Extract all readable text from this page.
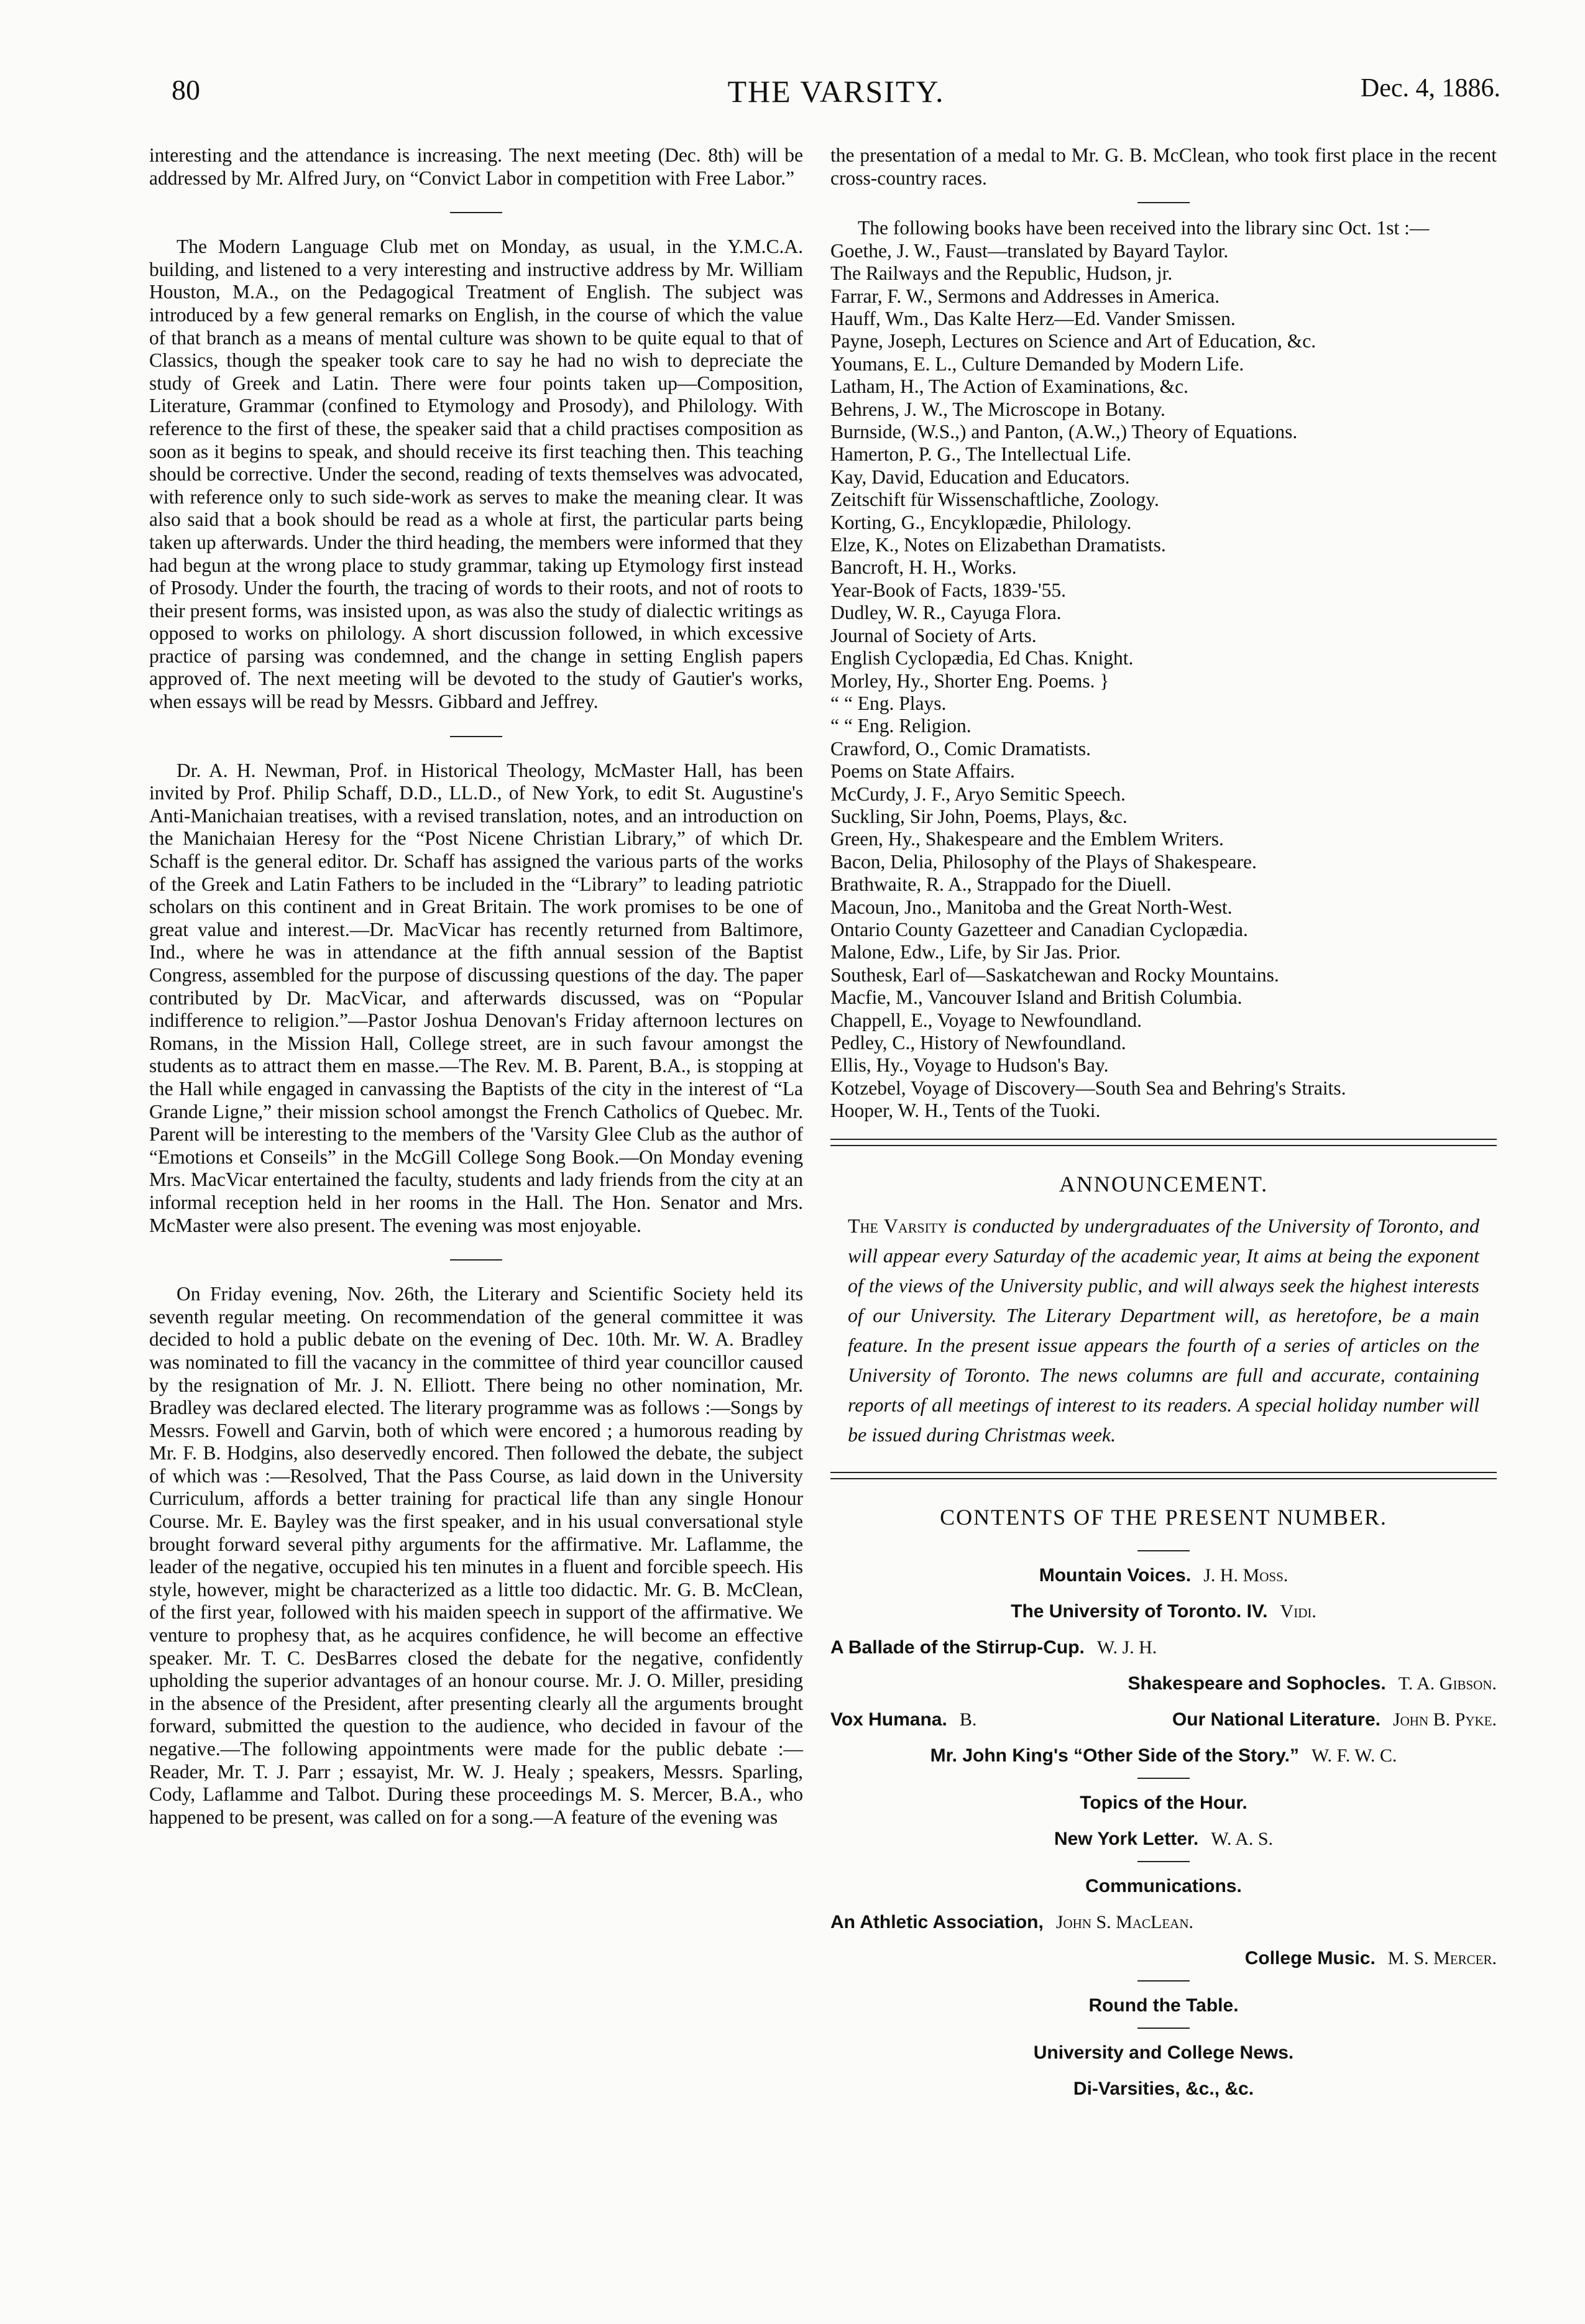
80	THE VARSITY.	Dec. 4, 1886.

interesting and the attendance is increasing. The next meeting (Dec. 8th) will be addressed by Mr. Alfred Jury, on “Convict Labor in competition with Free Labor.”

The Modern Language Club met on Monday, as usual, in the Y.M.C.A. building, and listened to a very interesting and instructive address by Mr. William Houston, M.A., on the Pedagogical Treatment of English. The subject was introduced by a few general remarks on English, in the course of which the value of that branch as a means of mental culture was shown to be quite equal to that of Classics, though the speaker took care to say he had no wish to depreciate the study of Greek and Latin. There were four points taken up—Composition, Literature, Grammar (confined to Etymology and Prosody), and Philology. With reference to the first of these, the speaker said that a child practises composition as soon as it begins to speak, and should receive its first teaching then. This teaching should be corrective. Under the second, reading of texts themselves was advocated, with reference only to such side-work as serves to make the meaning clear. It was also said that a book should be read as a whole at first, the particular parts being taken up afterwards. Under the third heading, the members were informed that they had begun at the wrong place to study grammar, taking up Etymology first instead of Prosody. Under the fourth, the tracing of words to their roots, and not of roots to their present forms, was insisted upon, as was also the study of dialectic writings as opposed to works on philology. A short discussion followed, in which excessive practice of parsing was condemned, and the change in setting English papers approved of. The next meeting will be devoted to the study of Gautier's works, when essays will be read by Messrs. Gibbard and Jeffrey.

Dr. A. H. Newman, Prof. in Historical Theology, McMaster Hall, has been invited by Prof. Philip Schaff, D.D., LL.D., of New York, to edit St. Augustine's Anti-Manichaian treatises, with a revised translation, notes, and an introduction on the Manichaian Heresy for the “Post Nicene Christian Library,” of which Dr. Schaff is the general editor. Dr. Schaff has assigned the various parts of the works of the Greek and Latin Fathers to be included in the “Library” to leading patriotic scholars on this continent and in Great Britain. The work promises to be one of great value and interest.—Dr. MacVicar has recently returned from Baltimore, Ind., where he was in attendance at the fifth annual session of the Baptist Congress, assembled for the purpose of discussing questions of the day. The paper contributed by Dr. MacVicar, and afterwards discussed, was on “Popular indifference to religion.”—Pastor Joshua Denovan's Friday afternoon lectures on Romans, in the Mission Hall, College street, are in such favour amongst the students as to attract them en masse.—The Rev. M. B. Parent, B.A., is stopping at the Hall while engaged in canvassing the Baptists of the city in the interest of “La Grande Ligne,” their mission school amongst the French Catholics of Quebec. Mr. Parent will be interesting to the members of the 'Varsity Glee Club as the author of “Emotions et Conseils” in the McGill College Song Book.—On Monday evening Mrs. MacVicar entertained the faculty, students and lady friends from the city at an informal reception held in her rooms in the Hall. The Hon. Senator and Mrs. McMaster were also present. The evening was most enjoyable.

On Friday evening, Nov. 26th, the Literary and Scientific Society held its seventh regular meeting. On recommendation of the general committee it was decided to hold a public debate on the evening of Dec. 10th. Mr. W. A. Bradley was nominated to fill the vacancy in the committee of third year councillor caused by the resignation of Mr. J. N. Elliott. There being no other nomination, Mr. Bradley was declared elected. The literary programme was as follows :—Songs by Messrs. Fowell and Garvin, both of which were encored ; a humorous reading by Mr. F. B. Hodgins, also deservedly encored. Then followed the debate, the subject of which was :—Resolved, That the Pass Course, as laid down in the University Curriculum, affords a better training for practical life than any single Honour Course. Mr. E. Bayley was the first speaker, and in his usual conversational style brought forward several pithy arguments for the affirmative. Mr. Laflamme, the leader of the negative, occupied his ten minutes in a fluent and forcible speech. His style, however, might be characterized as a little too didactic. Mr. G. B. McClean, of the first year, followed with his maiden speech in support of the affirmative. We venture to prophesy that, as he acquires confidence, he will become an effective speaker. Mr. T. C. DesBarres closed the debate for the negative, confidently upholding the superior advantages of an honour course. Mr. J. O. Miller, presiding in the absence of the President, after presenting clearly all the arguments brought forward, submitted the question to the audience, who decided in favour of the negative.—The following appointments were made for the public debate :—Reader, Mr. T. J. Parr ; essayist, Mr. W. J. Healy ; speakers, Messrs. Sparling, Cody, Laflamme and Talbot. During these proceedings M. S. Mercer, B.A., who happened to be present, was called on for a song.—A feature of the evening was

the presentation of a medal to Mr. G. B. McClean, who took first place in the recent cross-country races.

The following books have been received into the library sinc Oct. 1st :—

Goethe, J. W., Faust—translated by Bayard Taylor.
The Railways and the Republic, Hudson, jr.
Farrar, F. W., Sermons and Addresses in America.
Hauff, Wm., Das Kalte Herz—Ed. Vander Smissen.
Payne, Joseph, Lectures on Science and Art of Education, &c.
Youmans, E. L., Culture Demanded by Modern Life.
Latham, H., The Action of Examinations, &c.
Behrens, J. W., The Microscope in Botany.
Burnside, (W.S.,) and Panton, (A.W.,) Theory of Equations.
Hamerton, P. G., The Intellectual Life.
Kay, David, Education and Educators.
Zeitschift für Wissenschaftliche, Zoology.
Korting, G., Encyklopædie, Philology.
Elze, K., Notes on Elizabethan Dramatists.
Bancroft, H. H., Works.
Year-Book of Facts, 1839-'55.
Dudley, W. R., Cayuga Flora.
Journal of Society of Arts.
English Cyclopædia, Ed Chas. Knight.
Morley, Hy., Shorter Eng. Poems. }
“ “ Eng. Plays.
“ “ Eng. Religion.
Crawford, O., Comic Dramatists.
Poems on State Affairs.
McCurdy, J. F., Aryo Semitic Speech.
Suckling, Sir John, Poems, Plays, &c.
Green, Hy., Shakespeare and the Emblem Writers.
Bacon, Delia, Philosophy of the Plays of Shakespeare.
Brathwaite, R. A., Strappado for the Diuell.
Macoun, Jno., Manitoba and the Great North-West.
Ontario County Gazetteer and Canadian Cyclopædia.
Malone, Edw., Life, by Sir Jas. Prior.
Southesk, Earl of—Saskatchewan and Rocky Mountains.
Macfie, M., Vancouver Island and British Columbia.
Chappell, E., Voyage to Newfoundland.
Pedley, C., History of Newfoundland.
Ellis, Hy., Voyage to Hudson's Bay.
Kotzebel, Voyage of Discovery—South Sea and Behring's Straits.
Hooper, W. H., Tents of the Tuoki.
ANNOUNCEMENT.
The Varsity is conducted by undergraduates of the University of Toronto, and will appear every Saturday of the academic year, It aims at being the exponent of the views of the University public, and will always seek the highest interests of our University. The Literary Department will, as heretofore, be a main feature. In the present issue appears the fourth of a series of articles on the University of Toronto. The news columns are full and accurate, containing reports of all meetings of interest to its readers. A special holiday number will be issued during Christmas week.
CONTENTS OF THE PRESENT NUMBER.
Mountain Voices. J. H. Moss.
The University of Toronto. IV. Vidi.
A Ballade of the Stirrup-Cup. W. J. H.
Shakespeare and Sophocles. T. A. Gibson.
Vox Humana. B.	Our National Literature. John B. Pyke.
Mr. John King's “Other Side of the Story.” W. F. W. C.
Topics of the Hour.
New York Letter. W. A. S.
Communications.
An Athletic Association, John S. MacLean.
College Music. M. S. Mercer.
Round the Table.
University and College News.
Di-Varsities, &c., &c.
